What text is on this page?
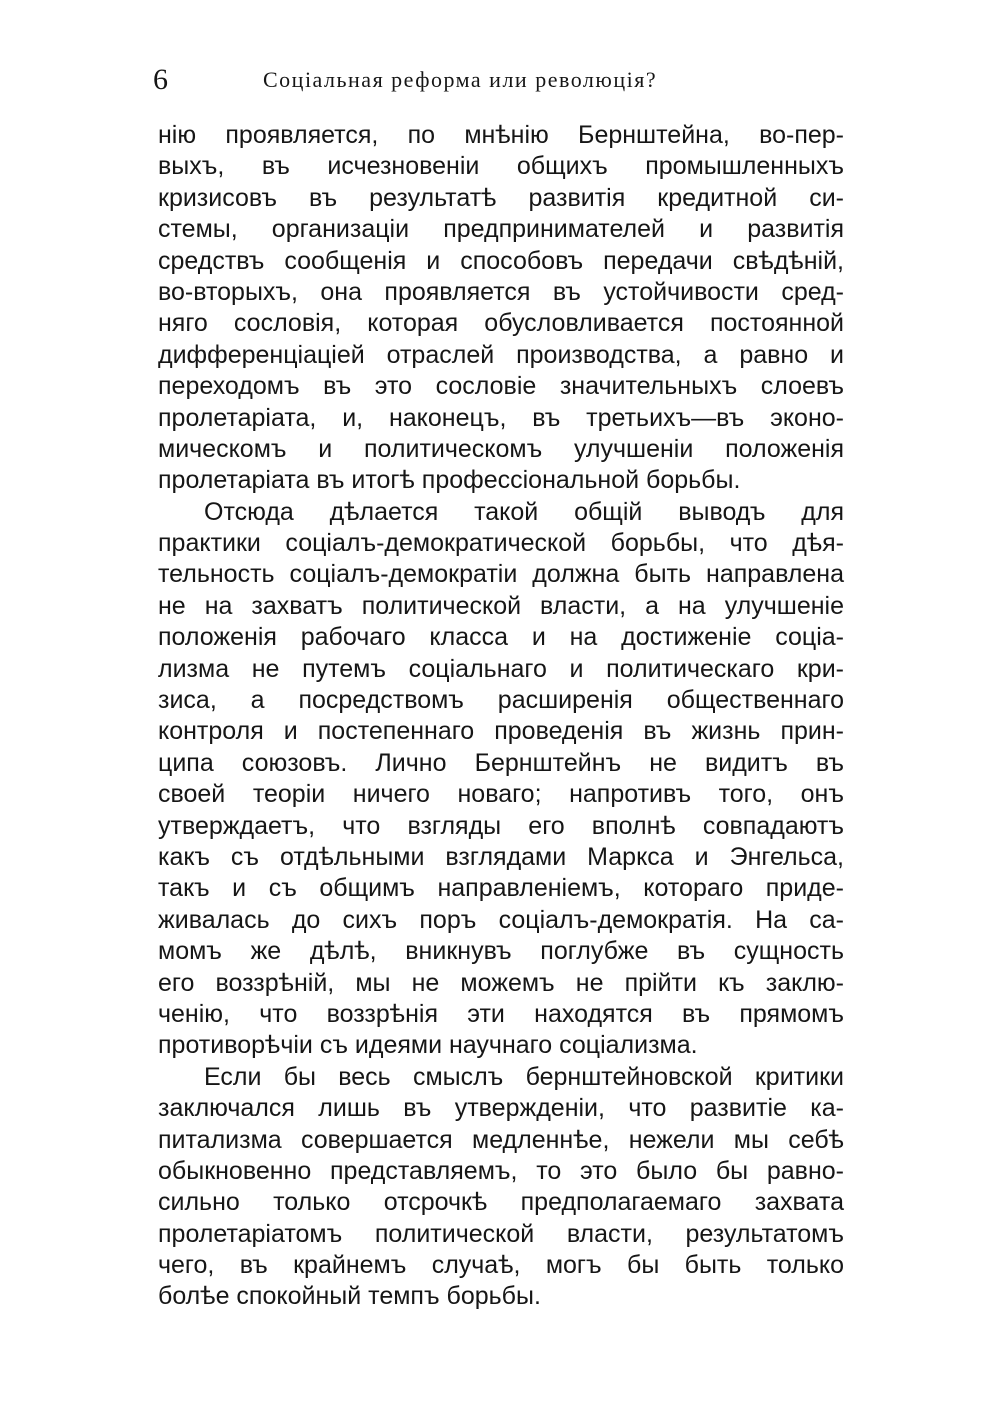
6	Соціальная реформа или революція?
нію проявляется, по мнѣнію Бернштейна, во-пер-
выхъ, въ исчезновеніи общихъ промышленныхъ
кризисовъ въ результатѣ развитія кредитной си-
стемы, организаціи предпринимателей и развитія
средствъ сообщенія и способовъ передачи свѣдѣній,
во-вторыхъ, она проявляется въ устойчивости сред-
няго сословія, которая обусловливается постоянной
дифференціаціей отраслей производства, а равно и
переходомъ въ это сословіе значительныхъ слоевъ
пролетаріата, и, наконецъ, въ третьихъ—въ эконо-
мическомъ и политическомъ улучшеніи положенія
пролетаріата въ итогѣ профессіональной борьбы.
Отсюда дѣлается такой общій выводъ для
практики соціалъ-демократической борьбы, что дѣя-
тельность соціалъ-демократіи должна быть направлена
не на захватъ политической власти, а на улучшеніе
положенія рабочаго класса и на достиженіе соціа-
лизма не путемъ соціальнаго и политическаго кри-
зиса, а посредствомъ расширенія общественнаго
контроля и постепеннаго проведенія въ жизнь прин-
ципа союзовъ. Лично Бернштейнъ не видитъ въ
своей теоріи ничего новаго; напротивъ того, онъ
утверждаетъ, что взгляды его вполнѣ совпадаютъ
какъ съ отдѣльными взглядами Маркса и Энгельса,
такъ и съ общимъ направленіемъ, котораго приде-
живалась до сихъ поръ соціалъ-демократія. На са-
момъ же дѣлѣ, вникнувъ поглубже въ сущность
его воззрѣній, мы не можемъ не прійти къ заклю-
ченію, что воззрѣнія эти находятся въ прямомъ
противорѣчіи съ идеями научнаго соціализма.
Если бы весь смыслъ бернштейновской критики
заключался лишь въ утвержденіи, что развитіе ка-
питализма совершается медленнѣе, нежели мы себѣ
обыкновенно представляемъ, то это было бы равно-
сильно только отсрочкѣ предполагаемаго захвата
пролетаріатомъ политической власти, результатомъ
чего, въ крайнемъ случаѣ, могъ бы быть только
болѣе спокойный темпъ борьбы.
